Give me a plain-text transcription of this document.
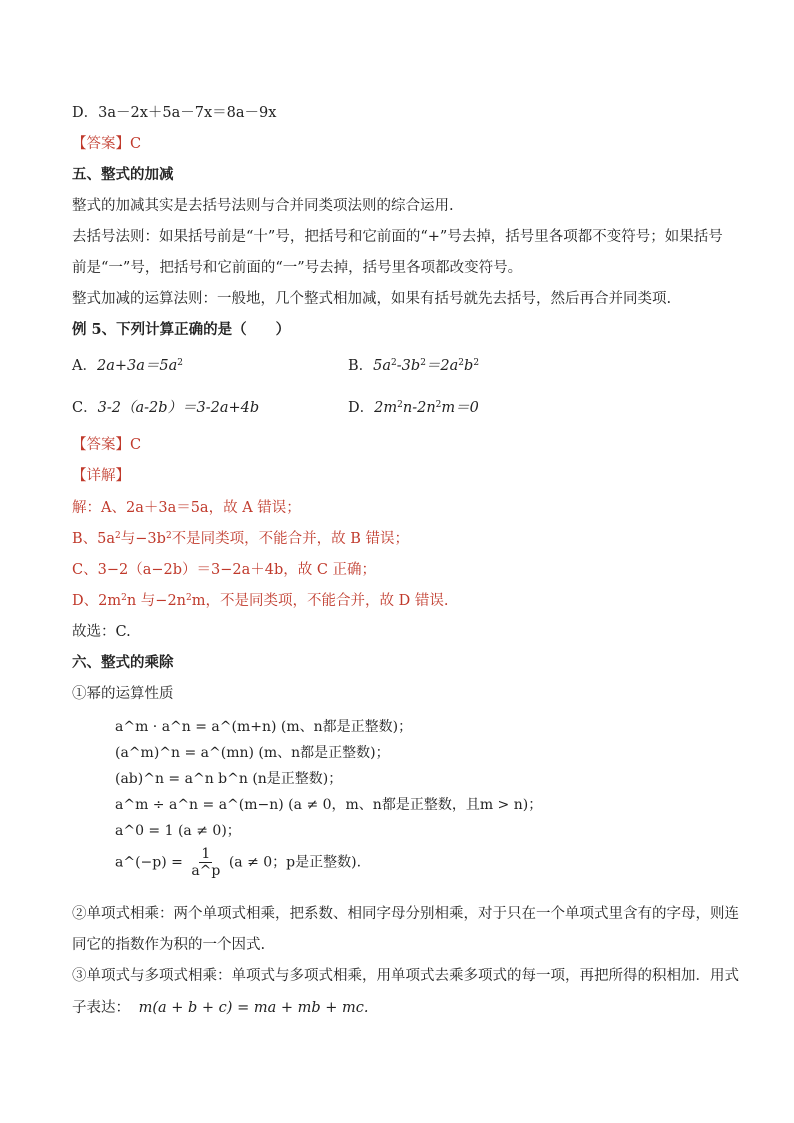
D．3a－2x＋5a－7x＝8a－9x
【答案】C
五、整式的加减
整式的加减其实是去括号法则与合并同类项法则的综合运用.
去括号法则：如果括号前是“十”号，把括号和它前面的“+”号去掉，括号里各项都不变符号；如果括号
前是“一”号，把括号和它前面的“一”号去掉，括号里各项都改变符号。
整式加减的运算法则：一般地，几个整式相加减，如果有括号就先去括号，然后再合并同类项.
例 5、下列计算正确的是（　　）
A．$2a+3a=5a^2$	B．$5a^2-3b^2=2a^2b^2$
C．3-2（a-2b）＝3-2a+4b	D．$2m^2n-2n^2m=0$
【答案】C
【详解】
解：A、2a＋3a＝5a，故 A 错误；
B、$5a^2$与$-3b^2$不是同类项，不能合并，故 B 错误；
C、3−2（a−2b）＝3−2a＋4b，故 C 正确；
D、$2m^2n$ 与$-2n^2m$，不是同类项，不能合并，故 D 错误.
故选：C.
六、整式的乘除
①幂的运算性质
a^m · a^n = a^(m+n) (m、n都是正整数)；
(a^m)^n = a^(mn) (m、n都是正整数)；
(ab)^n = a^n b^n (n是正整数)；
a^m ÷ a^n = a^(m−n) (a ≠ 0，m、n都是正整数，且m > n)；
a^0 = 1 (a ≠ 0)；
a^(−p) = $\frac{1}{a\^{}p} (a \ne 0$；p是正整数).
②单项式相乘：两个单项式相乘，把系数、相同字母分别相乘，对于只在一个单项式里含有的字母，则连
同它的指数作为积的一个因式.
③单项式与多项式相乘：单项式与多项式相乘，用单项式去乘多项式的每一项，再把所得的积相加．用式
子表达： m(a + b + c) = ma + mb + mc.
